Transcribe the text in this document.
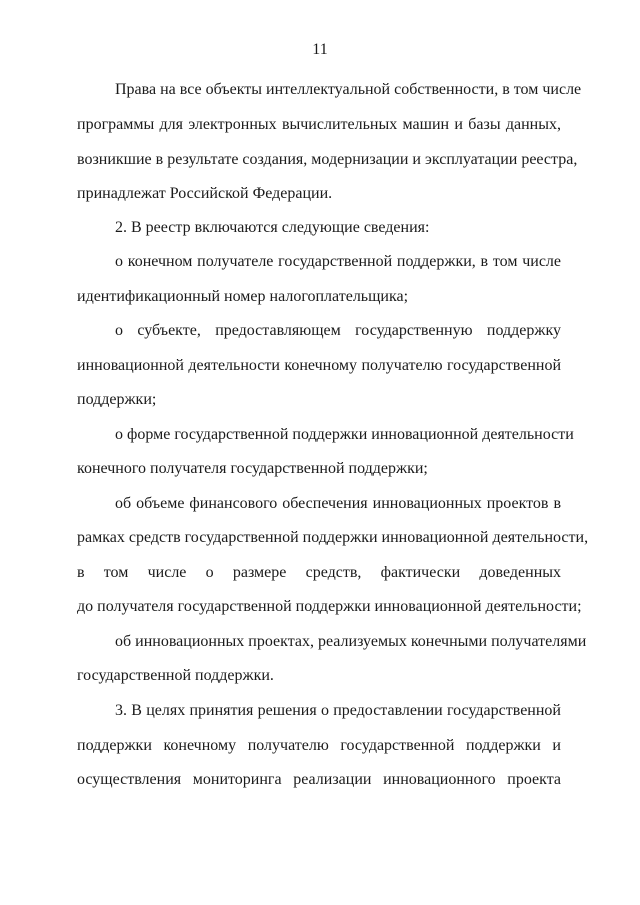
11
Права на все объекты интеллектуальной собственности, в том числе
программы для электронных вычислительных машин и базы данных,
возникшие в результате создания, модернизации и эксплуатации реестра,
принадлежат Российской Федерации.
2. В реестр включаются следующие сведения:
о конечном получателе государственной поддержки, в том числе
идентификационный номер налогоплательщика;
о субъекте, предоставляющем государственную поддержку
инновационной деятельности конечному получателю государственной
поддержки;
о форме государственной поддержки инновационной деятельности
конечного получателя государственной поддержки;
об объеме финансового обеспечения инновационных проектов в
рамках средств государственной поддержки инновационной деятельности,
в том числе о размере средств, фактически доведенных
до получателя государственной поддержки инновационной деятельности;
об инновационных проектах, реализуемых конечными получателями
государственной поддержки.
3. В целях принятия решения о предоставлении государственной
поддержки конечному получателю государственной поддержки и
осуществления мониторинга реализации инновационного проекта
